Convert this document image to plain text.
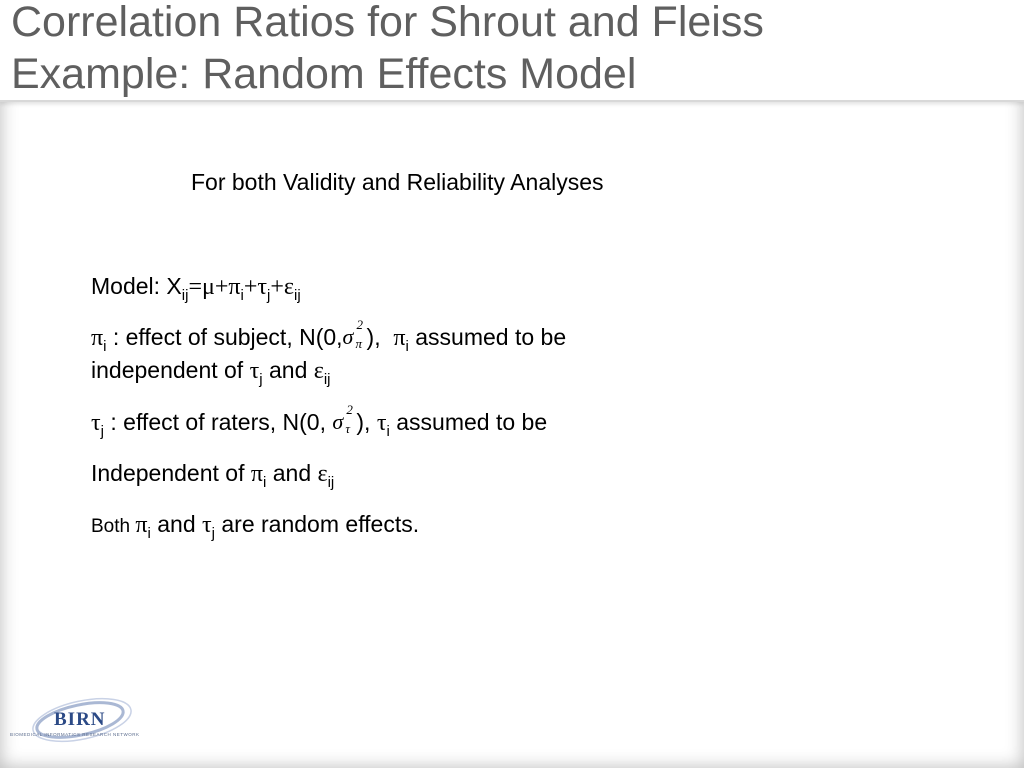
Correlation Ratios for Shrout and Fleiss
Example: Random Effects Model
For both Validity and Reliability Analyses
Model: $X_{ij}=\mu+\pi_i+\tau_j+\varepsilon_{ij}$
$\pi_i$ : effect of subject, N(0, σ 2
π ), $\pi_i$ assumed to be
independent of $\tau_j$ and $\varepsilon_{ij}$
$\tau_j$ : effect of raters, N(0, σ 2
τ ), $\tau_i$ assumed to be
Independent of $\pi_i$ and $\varepsilon_{ij}$
Both $\pi_i$ and $\tau_j$ are random effects.
BIRN
BIOMEDICAL INFORMATICS RESEARCH NETWORK
